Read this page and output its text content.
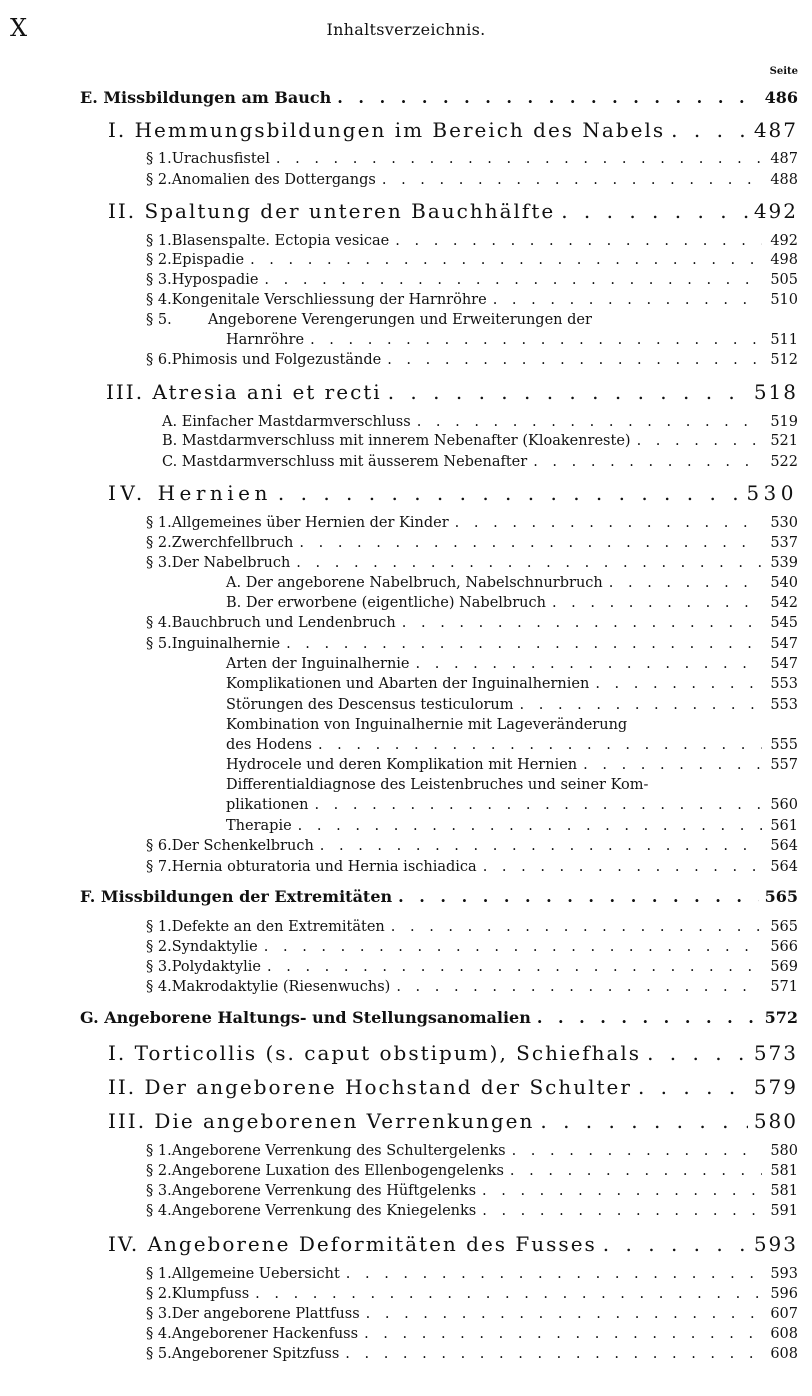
X	Inhaltsverzeichnis.
Seite
E. Missbildungen am Bauch . . .	486
I. Hemmungsbildungen im Bereich des Nabels . . .	487
§ 1. Urachusfistel . . .	487
§ 2. Anomalien des Dottergangs . . .	488
II. Spaltung der unteren Bauchhälfte . . .	492
§ 1. Blasenspalte. Ectopia vesicae . . .	492
§ 2. Epispadie . . .	498
§ 3. Hypospadie . . .	505
§ 4. Kongenitale Verschliessung der Harnröhre . . .	510
§ 5.	Angeborene Verengerungen und Erweiterungen der
Harnröhre . . .	511
§ 6. Phimosis und Folgezustände . . .	512
III. Atresia ani et recti . . .	518
A. Einfacher Mastdarmverschluss . . .	519
B. Mastdarmverschluss mit innerem Nebenafter (Kloakenreste) . . .	521
C. Mastdarmverschluss mit äusserem Nebenafter . . .	522
IV. Hernien . . .	530
§ 1. Allgemeines über Hernien der Kinder . . .	530
§ 2. Zwerchfellbruch . . .	537
§ 3. Der Nabelbruch . . .	539
A. Der angeborene Nabelbruch, Nabelschnurbruch . . .	540
B. Der erworbene (eigentliche) Nabelbruch . . .	542
§ 4. Bauchbruch und Lendenbruch . . .	545
§ 5. Inguinalhernie . . .	547
Arten der Inguinalhernie . . .	547
Komplikationen und Abarten der Inguinalhernien . . .	553
Störungen des Descensus testiculorum . . .	553
Kombination von Inguinalhernie mit Lageveränderung
des Hodens . . .	555
Hydrocele und deren Komplikation mit Hernien . . .	557
Differentialdiagnose des Leistenbruches und seiner Kom-
plikationen . . .	560
Therapie . . .	561
§ 6. Der Schenkelbruch . . .	564
§ 7. Hernia obturatoria und Hernia ischiadica . . .	564
F. Missbildungen der Extremitäten . . .	565
§ 1. Defekte an den Extremitäten . . .	565
§ 2. Syndaktylie . . .	566
§ 3. Polydaktylie . . .	569
§ 4. Makrodaktylie (Riesenwuchs) . . .	571
G. Angeborene Haltungs- und Stellungsanomalien . . .	572
I. Torticollis (s. caput obstipum), Schiefhals . . .	573
II. Der angeborene Hochstand der Schulter . . .	579
III. Die angeborenen Verrenkungen . . .	580
§ 1. Angeborene Verrenkung des Schultergelenks . . .	580
§ 2. Angeborene Luxation des Ellenbogengelenks . . .	581
§ 3. Angeborene Verrenkung des Hüftgelenks . . .	581
§ 4. Angeborene Verrenkung des Kniegelenks . . .	591
IV. Angeborene Deformitäten des Fusses . . .	593
§ 1. Allgemeine Uebersicht . . .	593
§ 2. Klumpfuss . . .	596
§ 3. Der angeborene Plattfuss . . .	607
§ 4. Angeborener Hackenfuss . . .	608
§ 5. Angeborener Spitzfuss . . .	608
